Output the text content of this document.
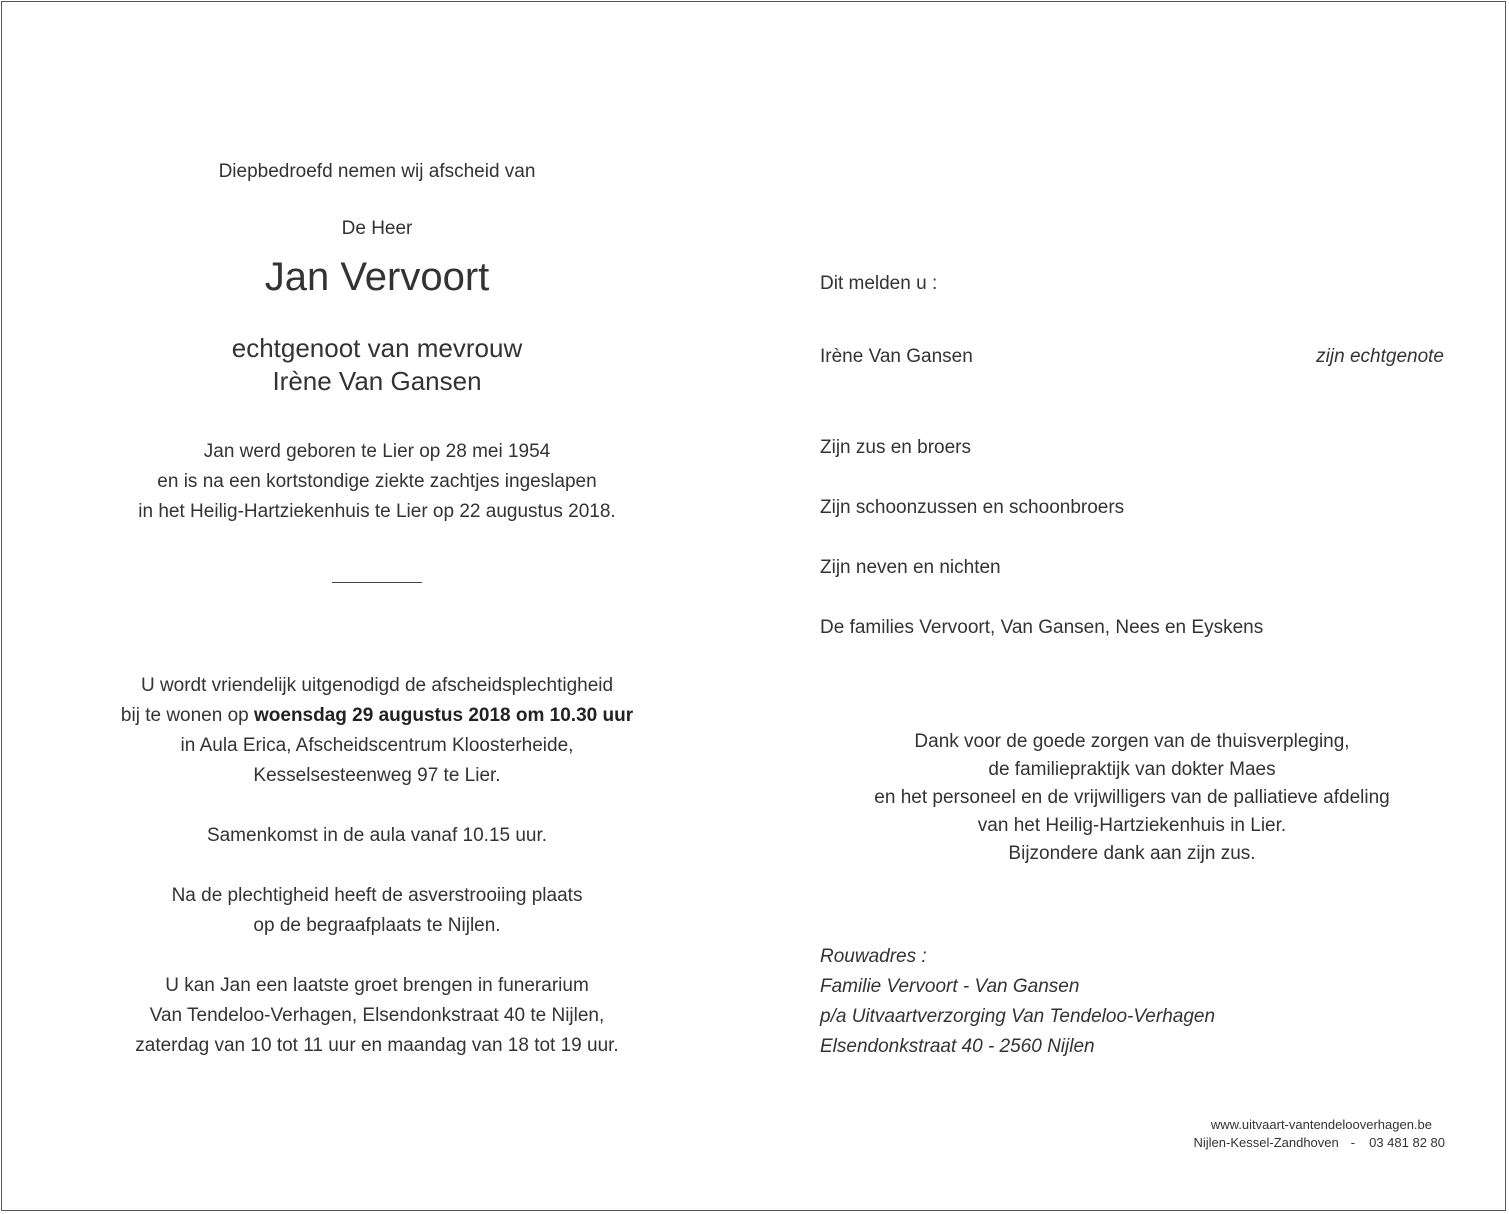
Diepbedroefd nemen wij afscheid van
De Heer
Jan Vervoort
echtgenoot van mevrouw
Irène Van Gansen
Jan werd geboren te Lier op 28 mei 1954
en is na een kortstondige ziekte zachtjes ingeslapen
in het Heilig-Hartziekenhuis te Lier op 22 augustus 2018.
U wordt vriendelijk uitgenodigd de afscheidsplechtigheid
bij te wonen op woensdag 29 augustus 2018 om 10.30 uur
in Aula Erica, Afscheidscentrum Kloosterheide,
Kesselsesteenweg 97 te Lier.
Samenkomst in de aula vanaf 10.15 uur.
Na de plechtigheid heeft de asverstrooiing plaats
op de begraafplaats te Nijlen.
U kan Jan een laatste groet brengen in funerarium
Van Tendeloo-Verhagen, Elsendonkstraat 40 te Nijlen,
zaterdag van 10 tot 11 uur en maandag van 18 tot 19 uur.
Dit melden u :
Irène Van Gansen	zijn echtgenote
Zijn zus en broers
Zijn schoonzussen en schoonbroers
Zijn neven en nichten
De families Vervoort, Van Gansen, Nees en Eyskens
Dank voor de goede zorgen van de thuisverpleging,
de familiepraktijk van dokter Maes
en het personeel en de vrijwilligers van de palliatieve afdeling
van het Heilig-Hartziekenhuis in Lier.
Bijzondere dank aan zijn zus.
Rouwadres :
Familie Vervoort - Van Gansen
p/a Uitvaartverzorging Van Tendeloo-Verhagen
Elsendonkstraat 40 - 2560 Nijlen
www.uitvaart-vantendelooverhagen.be
Nijlen-Kessel-Zandhoven - 03 481 82 80
